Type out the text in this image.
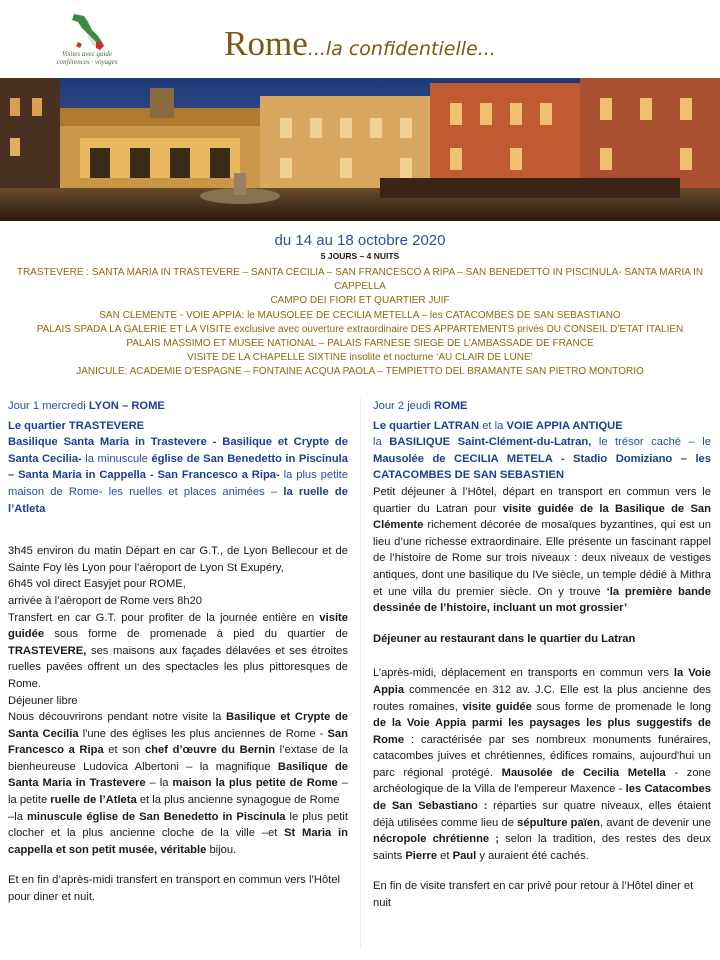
Visites avec guide
conférences · voyages	Rome...la confidentielle...
du 14 au 18 octobre 2020
5 JOURS – 4 NUITS
TRASTEVERE : SANTA MARIA IN TRASTEVERE – SANTA CECILIA – SAN FRANCESCO A RIPA – SAN BENEDETTO IN PISCINULA- SANTA MARIA IN CAPPELLA
CAMPO DEI FIORI ET QUARTIER JUIF
SAN CLEMENTE - VOIE APPIA: le MAUSOLEE DE CECILIA METELLA – les CATACOMBES DE SAN SEBASTIANO
PALAIS SPADA LA GALERIE ET LA VISITE exclusive avec ouverture extraordinaire DES APPARTEMENTS privés DU CONSEIL D’ETAT ITALIEN
PALAIS MASSIMO ET MUSEE NATIONAL – PALAIS FARNESE SIEGE DE L’AMBASSADE DE FRANCE
VISITE DE LA CHAPELLE SIXTINE insolite et nocturne ‘AU CLAIR DE LUNE’
JANICULE: ACADEMIE D’ESPAGNE – FONTAINE ACQUA PAOLA – TEMPIETTO DEL BRAMANTE SAN PIETRO MONTORIO

Jour 1 mercredi LYON – ROME

Le quartier TRASTEVERE

Basilique Santa Maria in Trastevere - Basilique et Crypte de Santa Cecilia- la minuscule église de San Benedetto in Piscinula – Santa Maria in Cappella - San Francesco a Ripa- la plus petite maison de Rome- les ruelles et places animées – la ruelle de l’Atleta

3h45 environ du matin Départ en car G.T., de Lyon Bellecour et de Sainte Foy lès Lyon pour l’aéroport de Lyon St Exupéry,

6h45 vol direct Easyjet pour ROME,

arrivée à l’aéroport de Rome vers 8h20

Transfert en car G.T. pour profiter de la journée entière en visite guidée sous forme de promenade à pied du quartier de TRASTEVERE, ses maisons aux façades délavées et ses étroites ruelles pavées offrent un des spectacles les plus pittoresques de Rome.

Déjeuner libre

Nous découvrirons pendant notre visite la Basilique et Crypte de Santa Cecilia l'une des églises les plus anciennes de Rome - San Francesco a Ripa et son chef d’œuvre du Bernin l’extase de la bienheureuse Ludovica Albertoni – la magnifique Basilique de Santa Maria in Trastevere – la maison la plus petite de Rome – la petite ruelle de l’Atleta et la plus ancienne synagogue de Rome

–la minuscule église de San Benedetto in Piscinula le plus petit clocher et la plus ancienne cloche de la ville –et St Maria in cappella et son petit musée, véritable bijou.

Et en fin d’après-midi transfert en transport en commun vers l’Hôtel pour diner et nuit.

Jour 2 jeudi ROME

Le quartier LATRAN et la VOIE APPIA ANTIQUE

la BASILIQUE Saint-Clément-du-Latran, le trésor caché – le Mausolée de CECILIA METELA - Stadio Domiziano – les CATACOMBES DE SAN SEBASTIEN

Petit déjeuner à l’Hôtel, départ en transport en commun vers le quartier du Latran pour visite guidée de la Basilique de San Clémente richement décorée de mosaïques byzantines, qui est un lieu d’une richesse extraordinaire. Elle présente un fascinant rappel de l’histoire de Rome sur trois niveaux : deux niveaux de vestiges antiques, dont une basilique du IVe siècle, un temple dédié à Mithra et une villa du premier siècle. On y trouve ‘la première bande dessinée de l’histoire, incluant un mot grossier’

Déjeuner au restaurant dans le quartier du Latran

L’après-midi, déplacement en transports en commun vers la Voie Appia commencée en 312 av. J.C. Elle est la plus ancienne des routes romaines, visite guidée sous forme de promenade le long de la Voie Appia parmi les paysages les plus suggestifs de Rome : caractérisée par ses nombreux monuments funéraires, catacombes juives et chrétiennes, édifices romains, aujourd'hui un parc régional protégé. Mausolée de Cecilia Metella - zone archéologique de la Villa de l'empereur Maxence - les Catacombes de San Sebastiano : réparties sur quatre niveaux, elles étaient déjà utilisées comme lieu de sépulture païen, avant de devenir une nécropole chrétienne ; selon la tradition, des restes des deux saints Pierre et Paul y auraient été cachés.

En fin de visite transfert en car privé pour retour à l’Hôtel diner et nuit
